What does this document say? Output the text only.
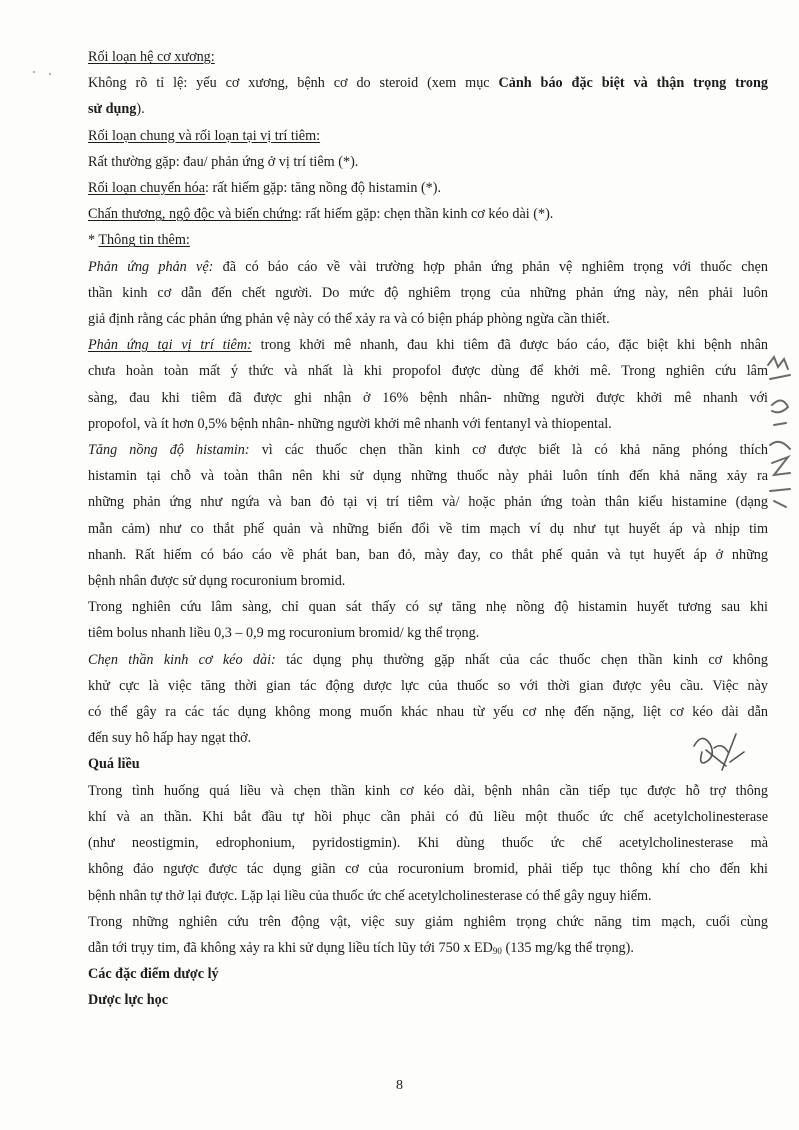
Rối loạn hệ cơ xương:

Không rõ tỉ lệ: yếu cơ xương, bệnh cơ do steroid (xem mục Cảnh báo đặc biệt và thận trọng trong

sử dụng).

Rối loạn chung và rối loạn tại vị trí tiêm:

Rất thường gặp: đau/ phản ứng ở vị trí tiêm (*).

Rối loạn chuyển hóa: rất hiếm gặp: tăng nồng độ histamin (*).

Chấn thương, ngộ độc và biến chứng: rất hiếm gặp: chẹn thần kinh cơ kéo dài (*).

* Thông tin thêm:

Phản ứng phản vệ: đã có báo cáo về vài trường hợp phản ứng phản vệ nghiêm trọng với thuốc chẹn

thần kinh cơ dẫn đến chết người. Do mức độ nghiêm trọng của những phản ứng này, nên phải luôn

giả định rằng các phản ứng phản vệ này có thể xảy ra và có biện pháp phòng ngừa cần thiết.

Phản ứng tại vị trí tiêm: trong khởi mê nhanh, đau khi tiêm đã được báo cáo, đặc biệt khi bệnh nhân

chưa hoàn toàn mất ý thức và nhất là khi propofol được dùng để khởi mê. Trong nghiên cứu lâm

sàng, đau khi tiêm đã được ghi nhận ở 16% bệnh nhân- những người được khởi mê nhanh với

propofol, và ít hơn 0,5% bệnh nhân- những người khởi mê nhanh với fentanyl và thiopental.

Tăng nồng độ histamin: vì các thuốc chẹn thần kinh cơ được biết là có khả năng phóng thích

histamin tại chỗ và toàn thân nên khi sử dụng những thuốc này phải luôn tính đến khả năng xảy ra

những phản ứng như ngứa và ban đỏ tại vị trí tiêm và/ hoặc phản ứng toàn thân kiểu histamine (dạng

mẫn cảm) như co thắt phế quản và những biến đổi về tim mạch ví dụ như tụt huyết áp và nhịp tim

nhanh. Rất hiếm có báo cáo về phát ban, ban đỏ, mày đay, co thắt phế quản và tụt huyết áp ở những

bệnh nhân được sử dụng rocuronium bromid.

Trong nghiên cứu lâm sàng, chỉ quan sát thấy có sự tăng nhẹ nồng độ histamin huyết tương sau khi

tiêm bolus nhanh liều 0,3 – 0,9 mg rocuronium bromid/ kg thể trọng.

Chẹn thần kinh cơ kéo dài: tác dụng phụ thường gặp nhất của các thuốc chẹn thần kinh cơ không

khử cực là việc tăng thời gian tác động dược lực của thuốc so với thời gian được yêu cầu. Việc này

có thể gây ra các tác dụng không mong muốn khác nhau từ yếu cơ nhẹ đến nặng, liệt cơ kéo dài dẫn

đến suy hô hấp hay ngạt thở.

Quá liều

Trong tình huống quá liều và chẹn thần kinh cơ kéo dài, bệnh nhân cần tiếp tục được hỗ trợ thông

khí và an thần. Khi bắt đầu tự hồi phục cần phải có đủ liều một thuốc ức chế acetylcholinesterase

(như neostigmin, edrophonium, pyridostigmin). Khi dùng thuốc ức chế acetylcholinesterase mà

không đảo ngược được tác dụng giãn cơ của rocuronium bromid, phải tiếp tục thông khí cho đến khi

bệnh nhân tự thở lại được. Lặp lại liều của thuốc ức chế acetylcholinesterase có thể gây nguy hiểm.

Trong những nghiên cứu trên động vật, việc suy giảm nghiêm trọng chức năng tim mạch, cuối cùng

dẫn tới trụy tim, đã không xảy ra khi sử dụng liều tích lũy tới 750 x $ED_{90}$ (135 mg/kg thể trọng).

Các đặc điểm dược lý

Dược lực học

8
